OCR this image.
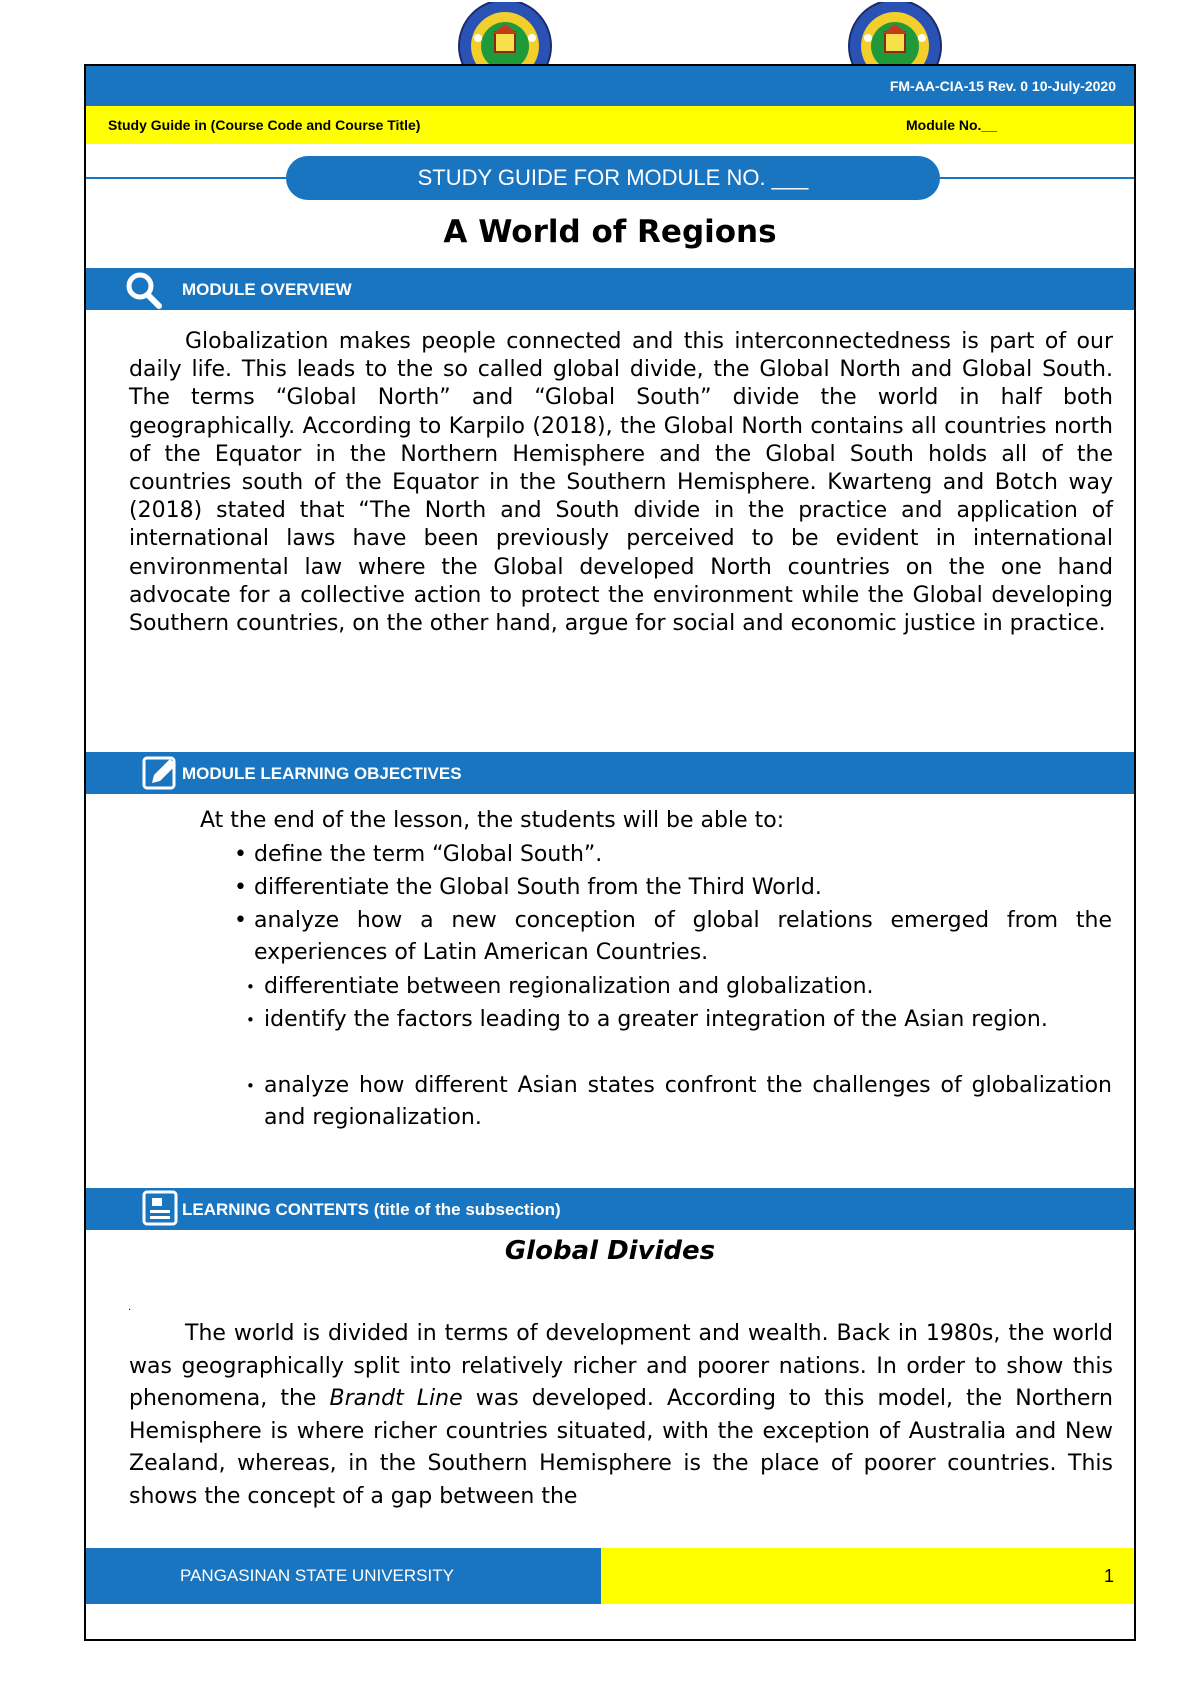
FM-AA-CIA-15 Rev. 0 10-July-2020
Study Guide in (Course Code and Course Title)	Module No.__
STUDY GUIDE FOR MODULE NO. ___
A World of Regions
MODULE OVERVIEW
Globalization makes people connected and this interconnectedness is part of our daily life. This leads to the so called global divide, the Global North and Global South. The terms “Global North” and “Global South” divide the world in half both geographically. According to Karpilo (2018), the Global North contains all countries north of the Equator in the Northern Hemisphere and the Global South holds all of the countries south of the Equator in the Southern Hemisphere. Kwarteng and Botch way (2018) stated that “The North and South divide in the practice and application of international laws have been previously perceived to be evident in international environmental law where the Global developed North countries on the one hand advocate for a collective action to protect the environment while the Global developing Southern countries, on the other hand, argue for social and economic justice in practice.
MODULE LEARNING OBJECTIVES
At the end of the lesson, the students will be able to:
• define the term “Global South”.
• differentiate the Global South from the Third World.
• analyze how a new conception of global relations emerged from the experiences of Latin American Countries.
• differentiate between regionalization and globalization.
• identify the factors leading to a greater integration of the Asian region.
• analyze how different Asian states confront the challenges of globalization and regionalization.
LEARNING CONTENTS (title of the subsection)
Global Divides
.
The world is divided in terms of development and wealth. Back in 1980s, the world was geographically split into relatively richer and poorer nations. In order to show this phenomena, the Brandt Line was developed. According to this model, the Northern Hemisphere is where richer countries situated, with the exception of Australia and New Zealand, whereas, in the Southern Hemisphere is the place of poorer countries. This shows the concept of a gap between the
PANGASINAN STATE UNIVERSITY	1
